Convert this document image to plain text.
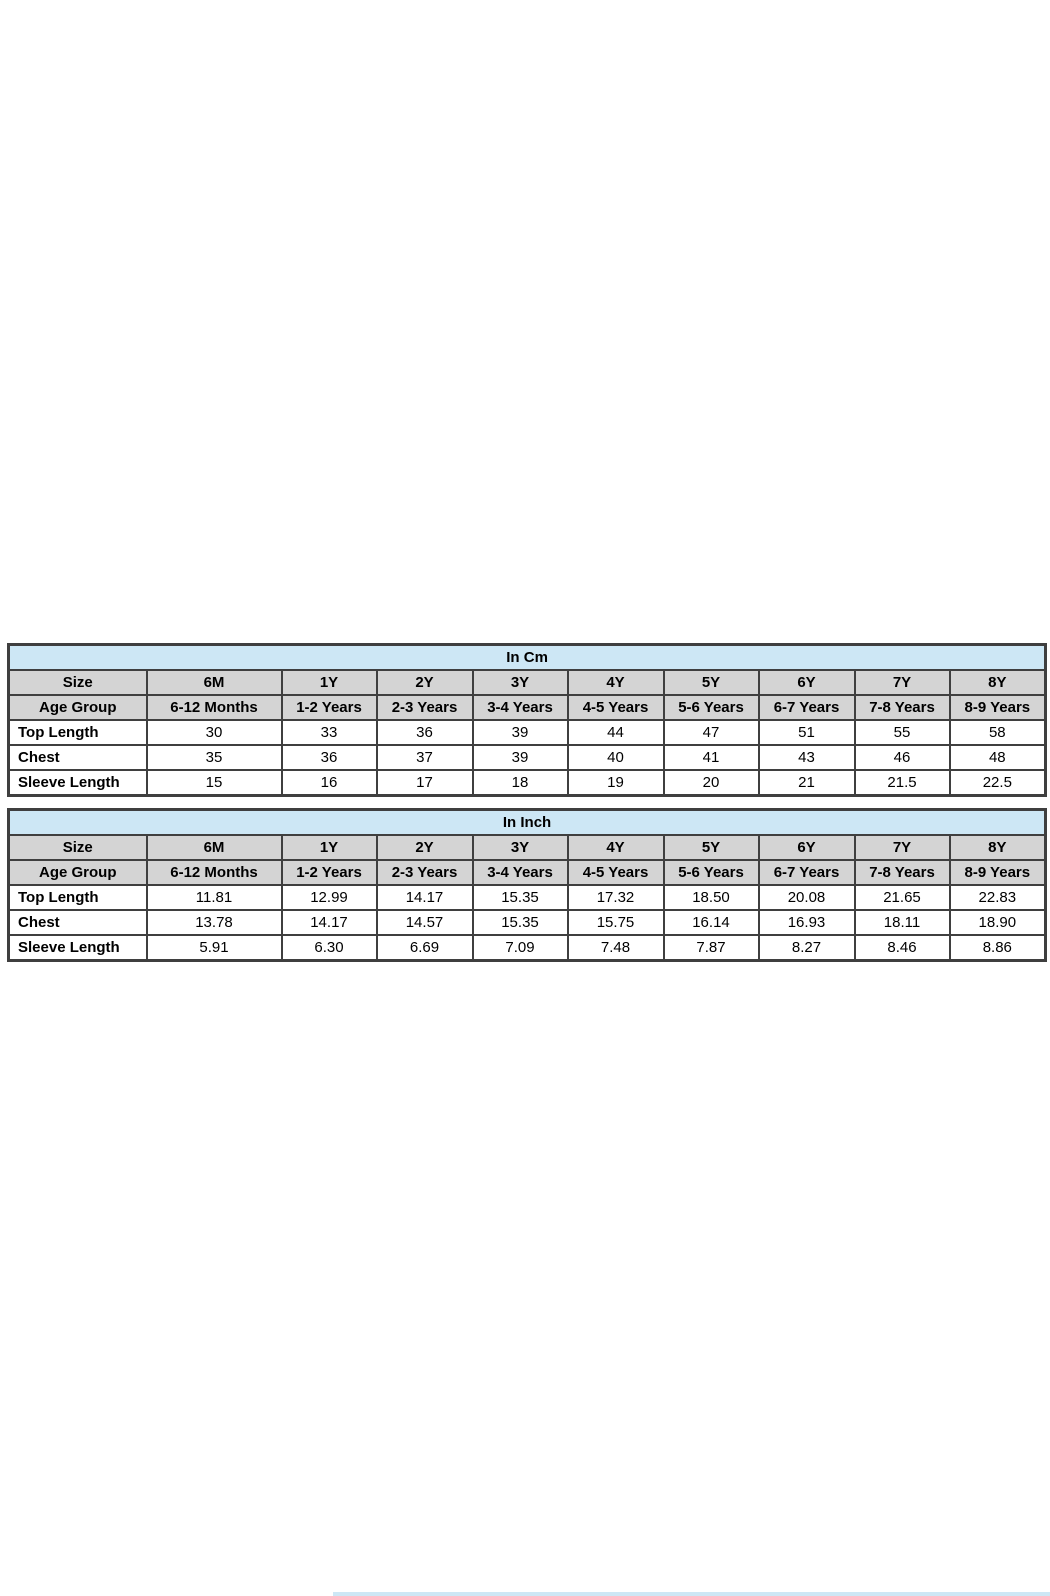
In Cm									
Size	6M	1Y	2Y	3Y	4Y	5Y	6Y	7Y	8Y
Age Group	6-12 Months	1-2 Years	2-3 Years	3-4 Years	4-5 Years	5-6 Years	6-7 Years	7-8 Years	8-9 Years
Top Length	30	33	36	39	44	47	51	55	58
Chest	35	36	37	39	40	41	43	46	48
Sleeve Length	15	16	17	18	19	20	21	21.5	22.5
In Inch									
Size	6M	1Y	2Y	3Y	4Y	5Y	6Y	7Y	8Y
Age Group	6-12 Months	1-2 Years	2-3 Years	3-4 Years	4-5 Years	5-6 Years	6-7 Years	7-8 Years	8-9 Years
Top Length	11.81	12.99	14.17	15.35	17.32	18.50	20.08	21.65	22.83
Chest	13.78	14.17	14.57	15.35	15.75	16.14	16.93	18.11	18.90
Sleeve Length	5.91	6.30	6.69	7.09	7.48	7.87	8.27	8.46	8.86
